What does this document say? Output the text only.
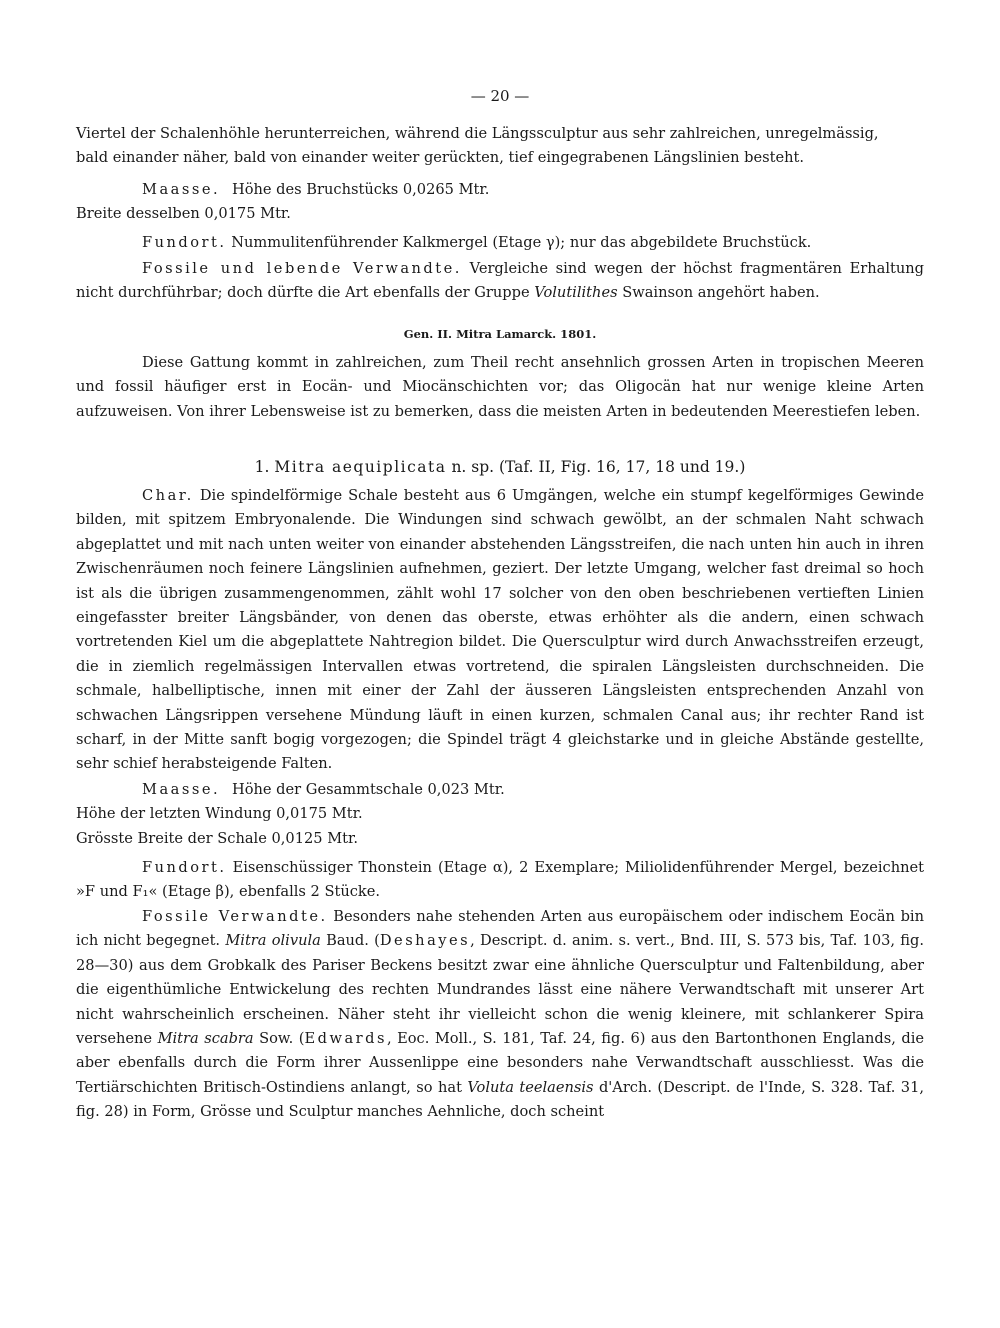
— 20 —

Viertel der Schalenhöhle herunterreichen, während die Längssculptur aus sehr zahlreichen, unregelmässig,

bald einander näher, bald von einander weiter gerückten, tief eingegrabenen Längslinien besteht.

Maasse. Höhe des Bruchstücks 0,0265 Mtr.
Breite desselben 0,0175 Mtr.

Fundort. Nummulitenführender Kalkmergel (Etage γ); nur das abgebildete Bruchstück.

Fossile und lebende Verwandte. Vergleiche sind wegen der höchst fragmentären Erhaltung nicht durchführbar; doch dürfte die Art ebenfalls der Gruppe Volutilithes Swainson angehört haben.

Gen. II. Mitra Lamarck. 1801.

Diese Gattung kommt in zahlreichen, zum Theil recht ansehnlich grossen Arten in tropischen Meeren und fossil häufiger erst in Eocän- und Miocänschichten vor; das Oligocän hat nur wenige kleine Arten aufzuweisen. Von ihrer Lebensweise ist zu bemerken, dass die meisten Arten in bedeutenden Meerestiefen leben.

1. Mitra aequiplicata n. sp. (Taf. II, Fig. 16, 17, 18 und 19.)

Char. Die spindelförmige Schale besteht aus 6 Umgängen, welche ein stumpf kegelförmiges Gewinde bilden, mit spitzem Embryonalende. Die Windungen sind schwach gewölbt, an der schmalen Naht schwach abgeplattet und mit nach unten weiter von einander abstehenden Längsstreifen, die nach unten hin auch in ihren Zwischenräumen noch feinere Längslinien aufnehmen, geziert. Der letzte Umgang, welcher fast dreimal so hoch ist als die übrigen zusammengenommen, zählt wohl 17 solcher von den oben beschriebenen vertieften Linien eingefasster breiter Längsbänder, von denen das oberste, etwas erhöhter als die andern, einen schwach vortretenden Kiel um die abgeplattete Nahtregion bildet. Die Quersculptur wird durch Anwachsstreifen erzeugt, die in ziemlich regelmässigen Intervallen etwas vortretend, die spiralen Längsleisten durchschneiden. Die schmale, halbelliptische, innen mit einer der Zahl der äusseren Längsleisten entsprechenden Anzahl von schwachen Längsrippen versehene Mündung läuft in einen kurzen, schmalen Canal aus; ihr rechter Rand ist scharf, in der Mitte sanft bogig vorgezogen; die Spindel trägt 4 gleichstarke und in gleiche Abstände gestellte, sehr schief herabsteigende Falten.

Maasse. Höhe der Gesammtschale 0,023 Mtr.
Höhe der letzten Windung 0,0175 Mtr.
Grösste Breite der Schale 0,0125 Mtr.

Fundort. Eisenschüssiger Thonstein (Etage α), 2 Exemplare; Miliolidenführender Mergel, bezeichnet »F und F₁« (Etage β), ebenfalls 2 Stücke.

Fossile Verwandte. Besonders nahe stehenden Arten aus europäischem oder indischem Eocän bin ich nicht begegnet. Mitra olivula Baud. (Deshayes, Descript. d. anim. s. vert., Bnd. III, S. 573 bis, Taf. 103, fig. 28—30) aus dem Grobkalk des Pariser Beckens besitzt zwar eine ähnliche Quersculptur und Faltenbildung, aber die eigenthümliche Entwickelung des rechten Mundrandes lässt eine nähere Verwandtschaft mit unserer Art nicht wahrscheinlich erscheinen. Näher steht ihr vielleicht schon die wenig kleinere, mit schlankerer Spira versehene Mitra scabra Sow. (Edwards, Eoc. Moll., S. 181, Taf. 24, fig. 6) aus den Bartonthonen Englands, die aber ebenfalls durch die Form ihrer Aussenlippe eine besonders nahe Verwandtschaft ausschliesst. Was die Tertiärschichten Britisch-Ostindiens anlangt, so hat Voluta teelaensis d'Arch. (Descript. de l'Inde, S. 328. Taf. 31, fig. 28) in Form, Grösse und Sculptur manches Aehnliche, doch scheint
